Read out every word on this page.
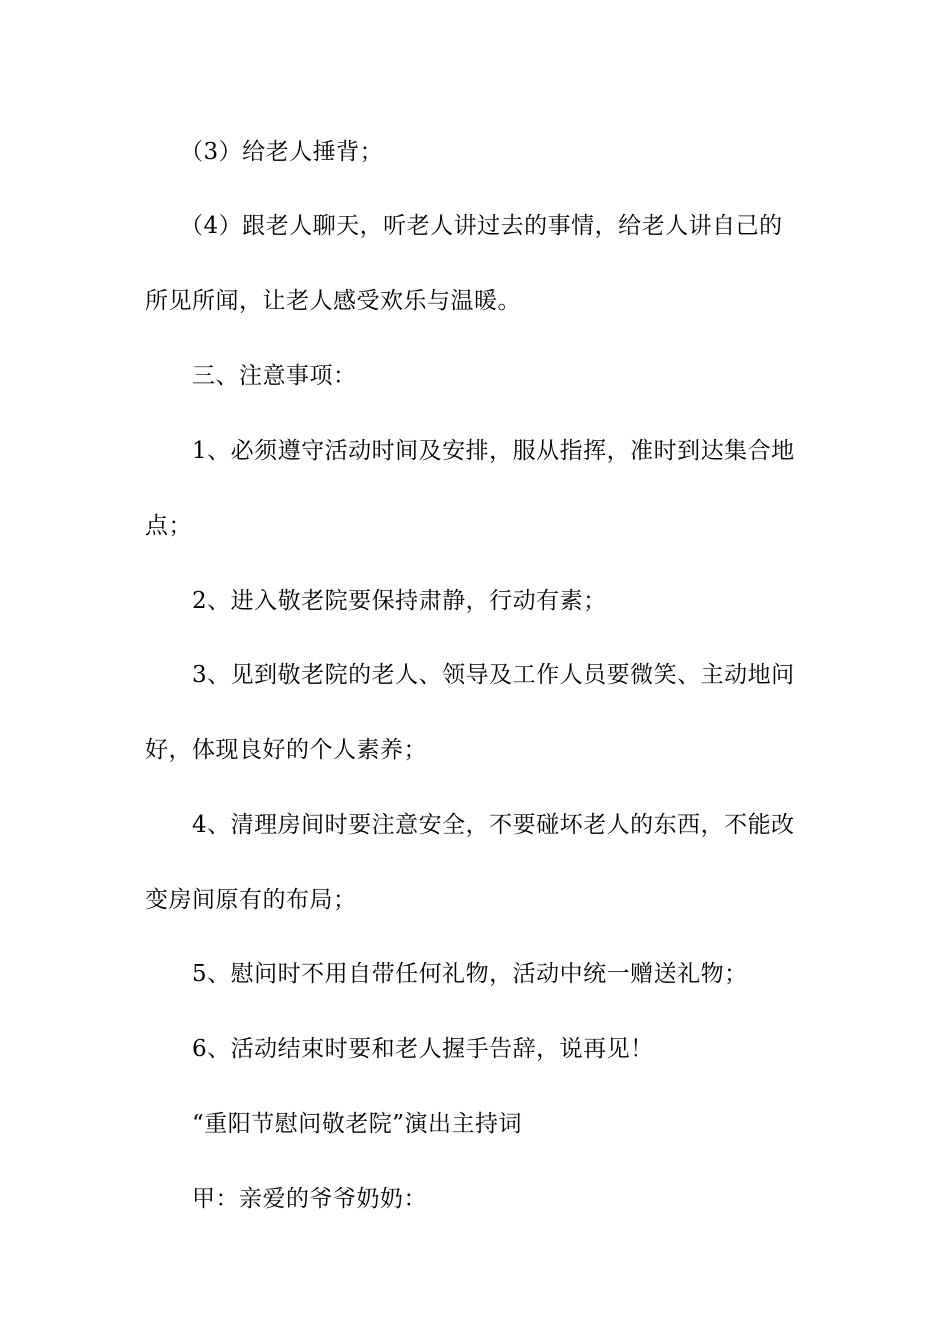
（3）给老人捶背；
（4）跟老人聊天，听老人讲过去的事情，给老人讲自己的
所见所闻，让老人感受欢乐与温暖。
三、注意事项：
1、必须遵守活动时间及安排，服从指挥，准时到达集合地
点；
2、进入敬老院要保持肃静，行动有素；
3、见到敬老院的老人、领导及工作人员要微笑、主动地问
好，体现良好的个人素养；
4、清理房间时要注意安全，不要碰坏老人的东西，不能改
变房间原有的布局；
5、慰问时不用自带任何礼物，活动中统一赠送礼物；
6、活动结束时要和老人握手告辞，说再见！
“重阳节慰问敬老院”演出主持词
甲：亲爱的爷爷奶奶：
